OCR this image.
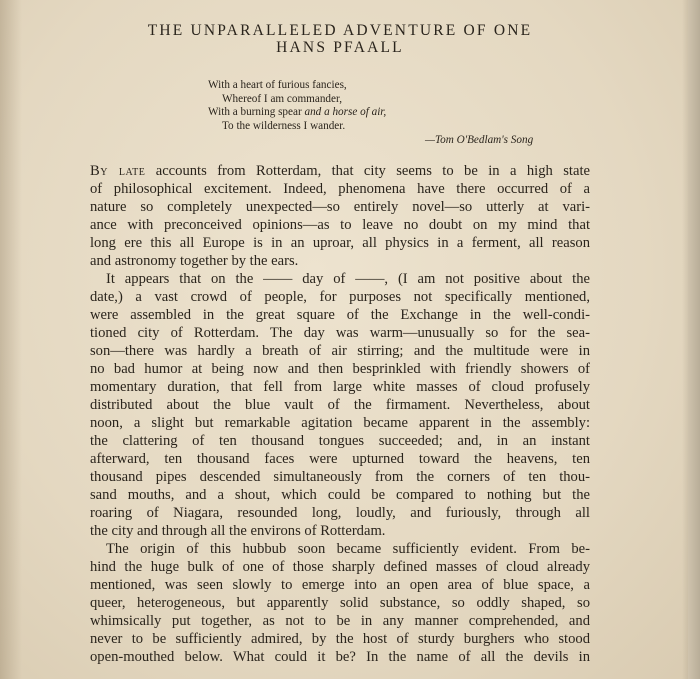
THE UNPARALLELED ADVENTURE OF ONE
HANS PFAALL
With a heart of furious fancies,
Whereof I am commander,
With a burning spear and a horse of air,
To the wilderness I wander.
—Tom O'Bedlam's Song
By late accounts from Rotterdam, that city seems to be in a high state
of philosophical excitement. Indeed, phenomena have there occurred of a
nature so completely unexpected—so entirely novel—so utterly at vari-
ance with preconceived opinions—as to leave no doubt on my mind that
long ere this all Europe is in an uproar, all physics in a ferment, all reason
and astronomy together by the ears.
It appears that on the —— day of ——, (I am not positive about the
date,) a vast crowd of people, for purposes not specifically mentioned,
were assembled in the great square of the Exchange in the well-condi-
tioned city of Rotterdam. The day was warm—unusually so for the sea-
son—there was hardly a breath of air stirring; and the multitude were in
no bad humor at being now and then besprinkled with friendly showers of
momentary duration, that fell from large white masses of cloud profusely
distributed about the blue vault of the firmament. Nevertheless, about
noon, a slight but remarkable agitation became apparent in the assembly:
the clattering of ten thousand tongues succeeded; and, in an instant
afterward, ten thousand faces were upturned toward the heavens, ten
thousand pipes descended simultaneously from the corners of ten thou-
sand mouths, and a shout, which could be compared to nothing but the
roaring of Niagara, resounded long, loudly, and furiously, through all
the city and through all the environs of Rotterdam.
The origin of this hubbub soon became sufficiently evident. From be-
hind the huge bulk of one of those sharply defined masses of cloud already
mentioned, was seen slowly to emerge into an open area of blue space, a
queer, heterogeneous, but apparently solid substance, so oddly shaped, so
whimsically put together, as not to be in any manner comprehended, and
never to be sufficiently admired, by the host of sturdy burghers who stood
open-mouthed below. What could it be? In the name of all the devils in
